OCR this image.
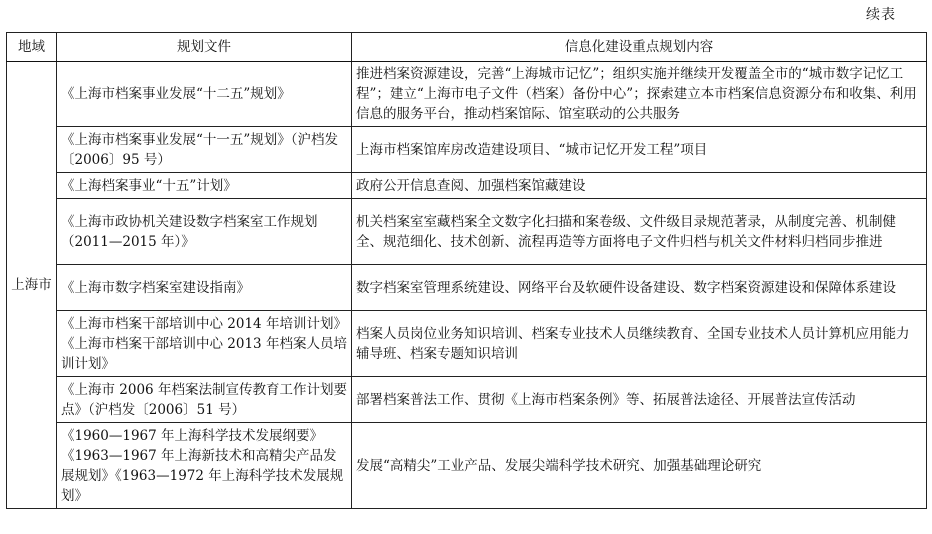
续表
地域	规划文件	信息化建设重点规划内容
上海市	《上海市档案事业发展“十二五”规划》	推进档案资源建设，完善“上海城市记忆”；组织实施并继续开发覆盖全市的“城市数字记忆工程”；建立“上海市电子文件（档案）备份中心”；探索建立本市档案信息资源分布和收集、利用信息的服务平台，推动档案馆际、馆室联动的公共服务
	《上海市档案事业发展“十一五”规划》（沪档发〔2006〕95 号）	上海市档案馆库房改造建设项目、“城市记忆开发工程”项目
	《上海档案事业“十五”计划》	政府公开信息查阅、加强档案馆藏建设
	《上海市政协机关建设数字档案室工作规划（2011—2015 年）》	机关档案室室藏档案全文数字化扫描和案卷级、文件级目录规范著录，从制度完善、机制健全、规范细化、技术创新、流程再造等方面将电子文件归档与机关文件材料归档同步推进
	《上海市数字档案室建设指南》	数字档案室管理系统建设、网络平台及软硬件设备建设、数字档案资源建设和保障体系建设
	《上海市档案干部培训中心 2014 年培训计划》《上海市档案干部培训中心 2013 年档案人员培训计划》	档案人员岗位业务知识培训、档案专业技术人员继续教育、全国专业技术人员计算机应用能力辅导班、档案专题知识培训
	《上海市 2006 年档案法制宣传教育工作计划要点》（沪档发〔2006〕51 号）	部署档案普法工作、贯彻《上海市档案条例》等、拓展普法途径、开展普法宣传活动
	《1960—1967 年上海科学技术发展纲要》《1963—1967 年上海新技术和高精尖产品发展规划》《1963—1972 年上海科学技术发展规划》	发展“高精尖”工业产品、发展尖端科学技术研究、加强基础理论研究
